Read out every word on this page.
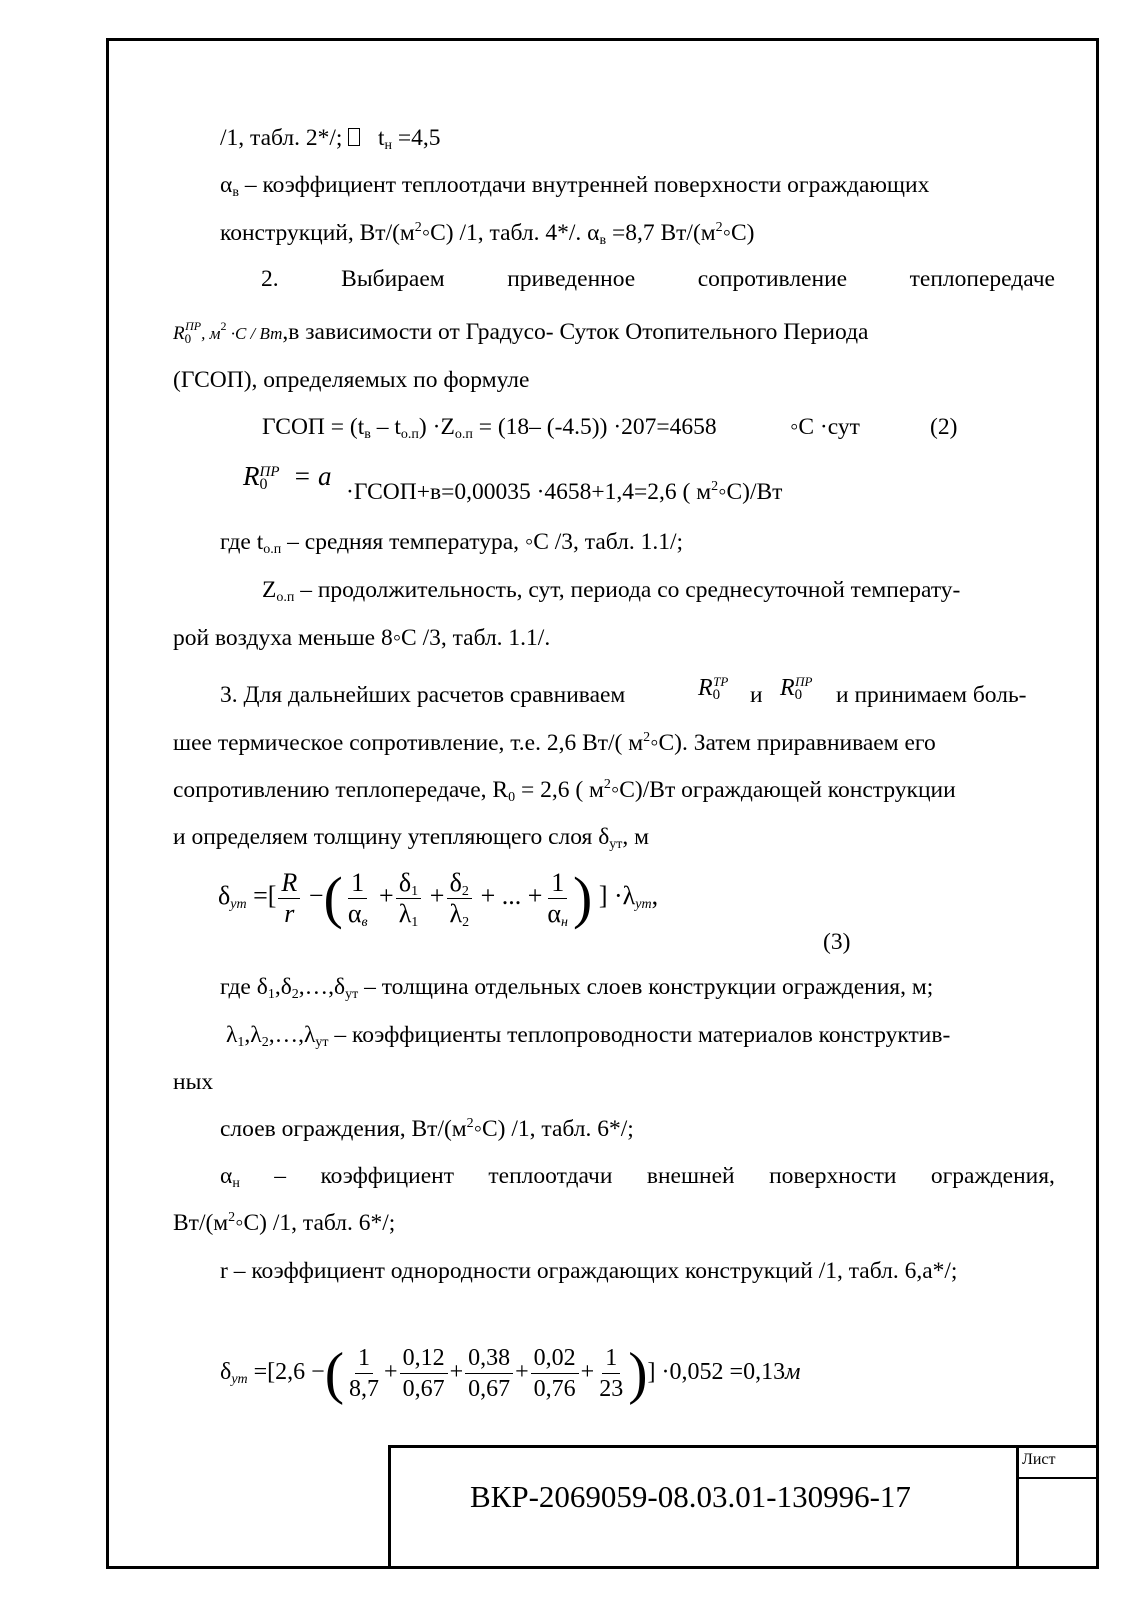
/1, табл. 2*/;    $t_н =4,5$
$\alpha_в$ – коэффициент теплоотдачи внутренней поверхности ограждающих
конструкций, $Вт/(м^2◦С)$ /1, табл. 4*/. $\alpha_в =8,7$ $Вт/(м^2◦С)$
2.	Выбираем	приведенное	сопротивление	теплопередаче
$R_0^{ПР}$, $м^2 \cdot С / Вт,в$ зависимости от Градусо- Суток Отопительного Периода
(ГСОП), определяемых по формуле
ГСОП = $(t_в - t_{о.п}) \cdot Z_{о.п} = (18-$ (-4.5)) ·207=4658	◦С ·сут	(2)
$R_0^{ПР} = a$
·ГСОП+в=0,00035 ·4658+1,4=2,6 ( $м^2◦С)/Вт$
где $t_{о.п}$ – средняя температура, ◦С /3, табл. 1.1/;
$Z_{о.п}$ – продолжительность, сут, периода со среднесуточной температу-
рой воздуха меньше 8◦С /3, табл. 1.1/.
3. Для дальнейших расчетов сравниваем	$R_0^{ТР}$
и $R_0^{ПР}$
и принимаем боль-
шее термическое сопротивление, т.е. 2,6 Вт/( $м^2◦С$). Затем приравниваем его
сопротивлению теплопередаче, $R_0 = 2,6$ ( $м^2◦С)/Вт$ ограждающей конструкции
и определяем толщину утепляющего слоя $\delta_{ут}$, м
$\delta_{ут}$ =[ $\frac{R}{r}$ −( $\frac{1}{\alpha_в} + \frac{\delta_1}{\lambda_1} + \frac{\delta_2}{\lambda_2}$ + ... + $\frac{1}{\alpha_н}$ ) ] $\cdot\lambda_{ут}$,
(3)
где $\delta_1,\delta_2,\dots,\delta_{ут}$ – толщина отдельных слоев конструкции ограждения, м;
$\lambda_1,\lambda_2,\dots,\lambda_{ут}$ – коэффициенты теплопроводности материалов конструктив-
ных
слоев ограждения, $Вт/(м^2◦С)$ /1, табл. 6*/;
$\alpha_н$ – коэффициент теплоотдачи внешней поверхности ограждения,
$Вт/(м^2◦С)$ /1, табл. 6*/;
r – коэффициент однородности ограждающих конструкций /1, табл. 6,а*/;
$\delta_{ут} =[2,6$ −( $\frac{1}{8,7} + \frac{0,12}{0,67} + \frac{0,38}{0,67} + \frac{0,02}{0,76} + \frac{1}{23}$ )] ·0,052 =0,13м
Лист
ВКР-2069059-08.03.01-130996-17
